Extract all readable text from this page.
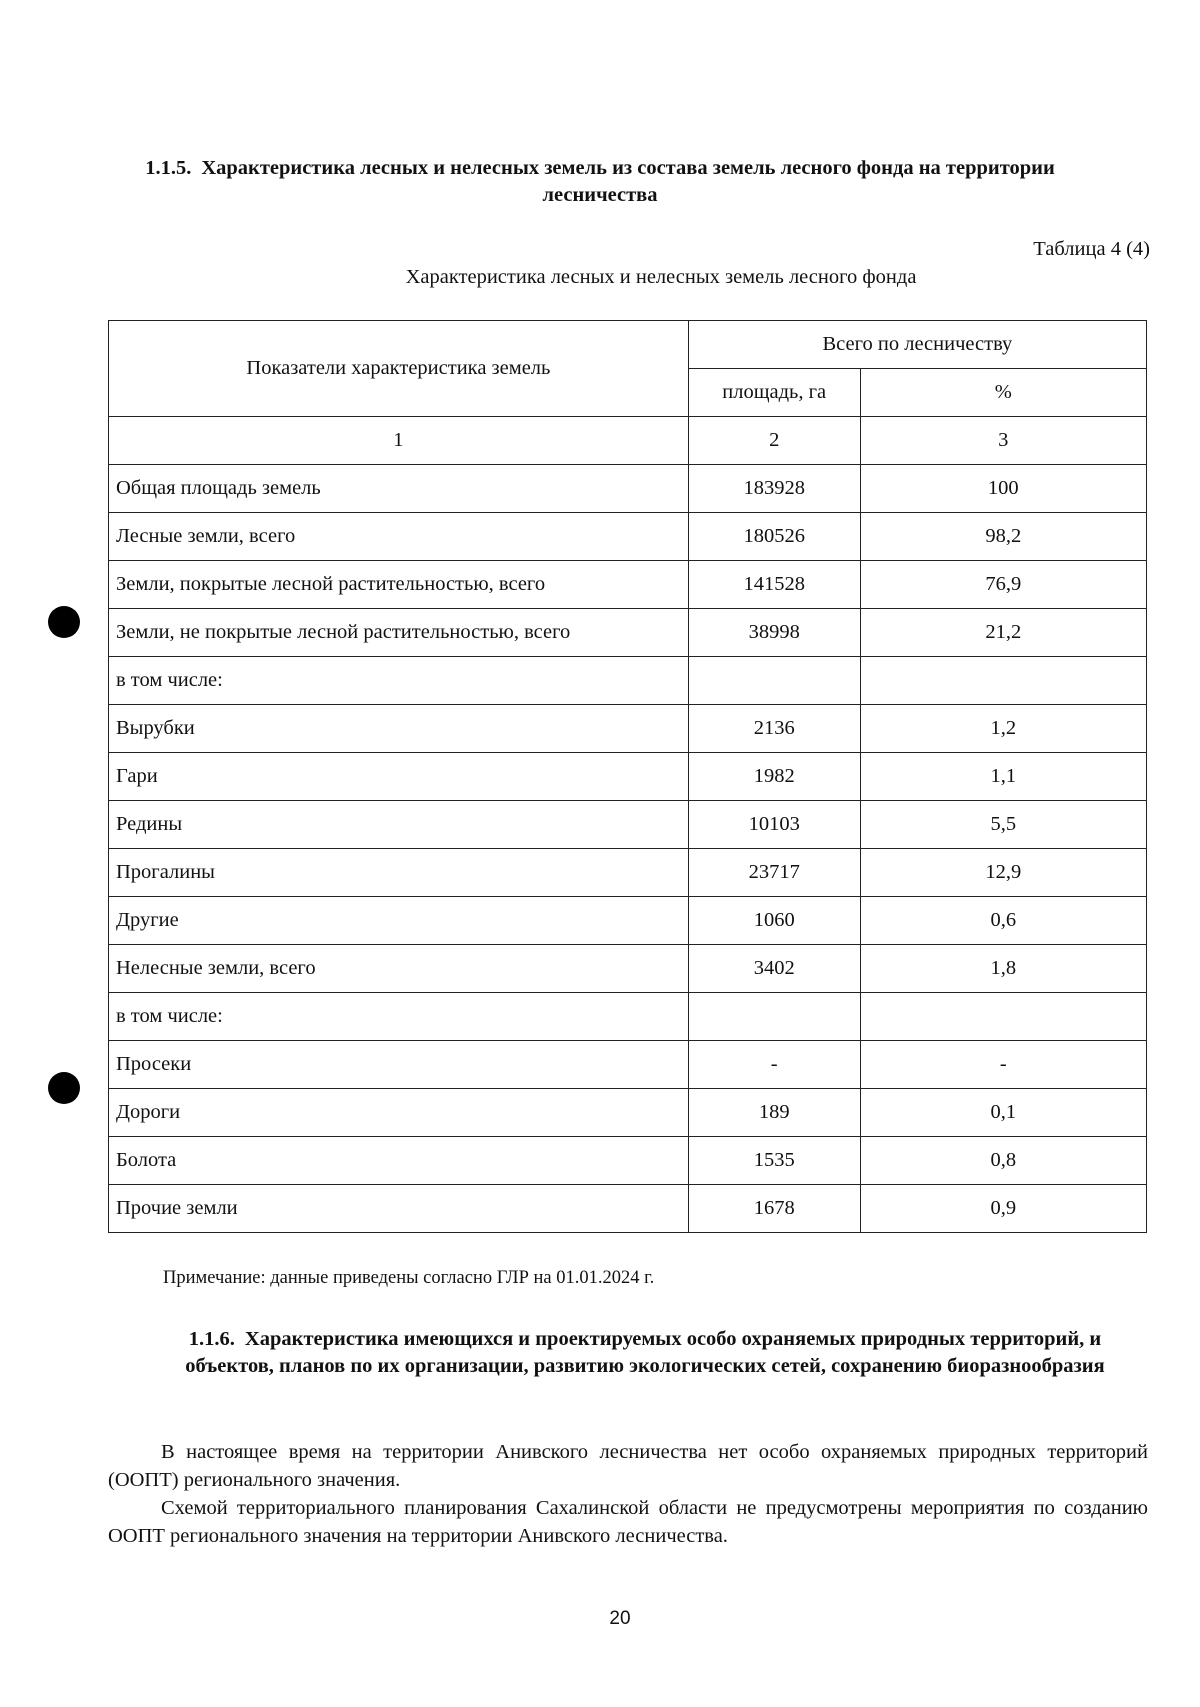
1.1.5. Характеристика лесных и нелесных земель из состава земель лесного фонда на территории лесничества
Таблица 4 (4)
Характеристика лесных и нелесных земель лесного фонда
Показатели характеристика земель	Всего по лесничеству	
	площадь, га	%
1	2	3
Общая площадь земель	183928	100
Лесные земли, всего	180526	98,2
Земли, покрытые лесной растительностью, всего	141528	76,9
Земли, не покрытые лесной растительностью, всего	38998	21,2
в том числе:		
Вырубки	2136	1,2
Гари	1982	1,1
Редины	10103	5,5
Прогалины	23717	12,9
Другие	1060	0,6
Нелесные земли, всего	3402	1,8
в том числе:		
Просеки	-	-
Дороги	189	0,1
Болота	1535	0,8
Прочие земли	1678	0,9
Примечание: данные приведены согласно ГЛР на 01.01.2024 г.
1.1.6. Характеристика имеющихся и проектируемых особо охраняемых природных территорий, и объектов, планов по их организации, развитию экологических сетей, сохранению биоразнообразия
В настоящее время на территории Анивского лесничества нет особо охраняемых природных территорий (ООПТ) регионального значения.
Схемой территориального планирования Сахалинской области не предусмотрены мероприятия по созданию ООПТ регионального значения на территории Анивского лесничества.
20
